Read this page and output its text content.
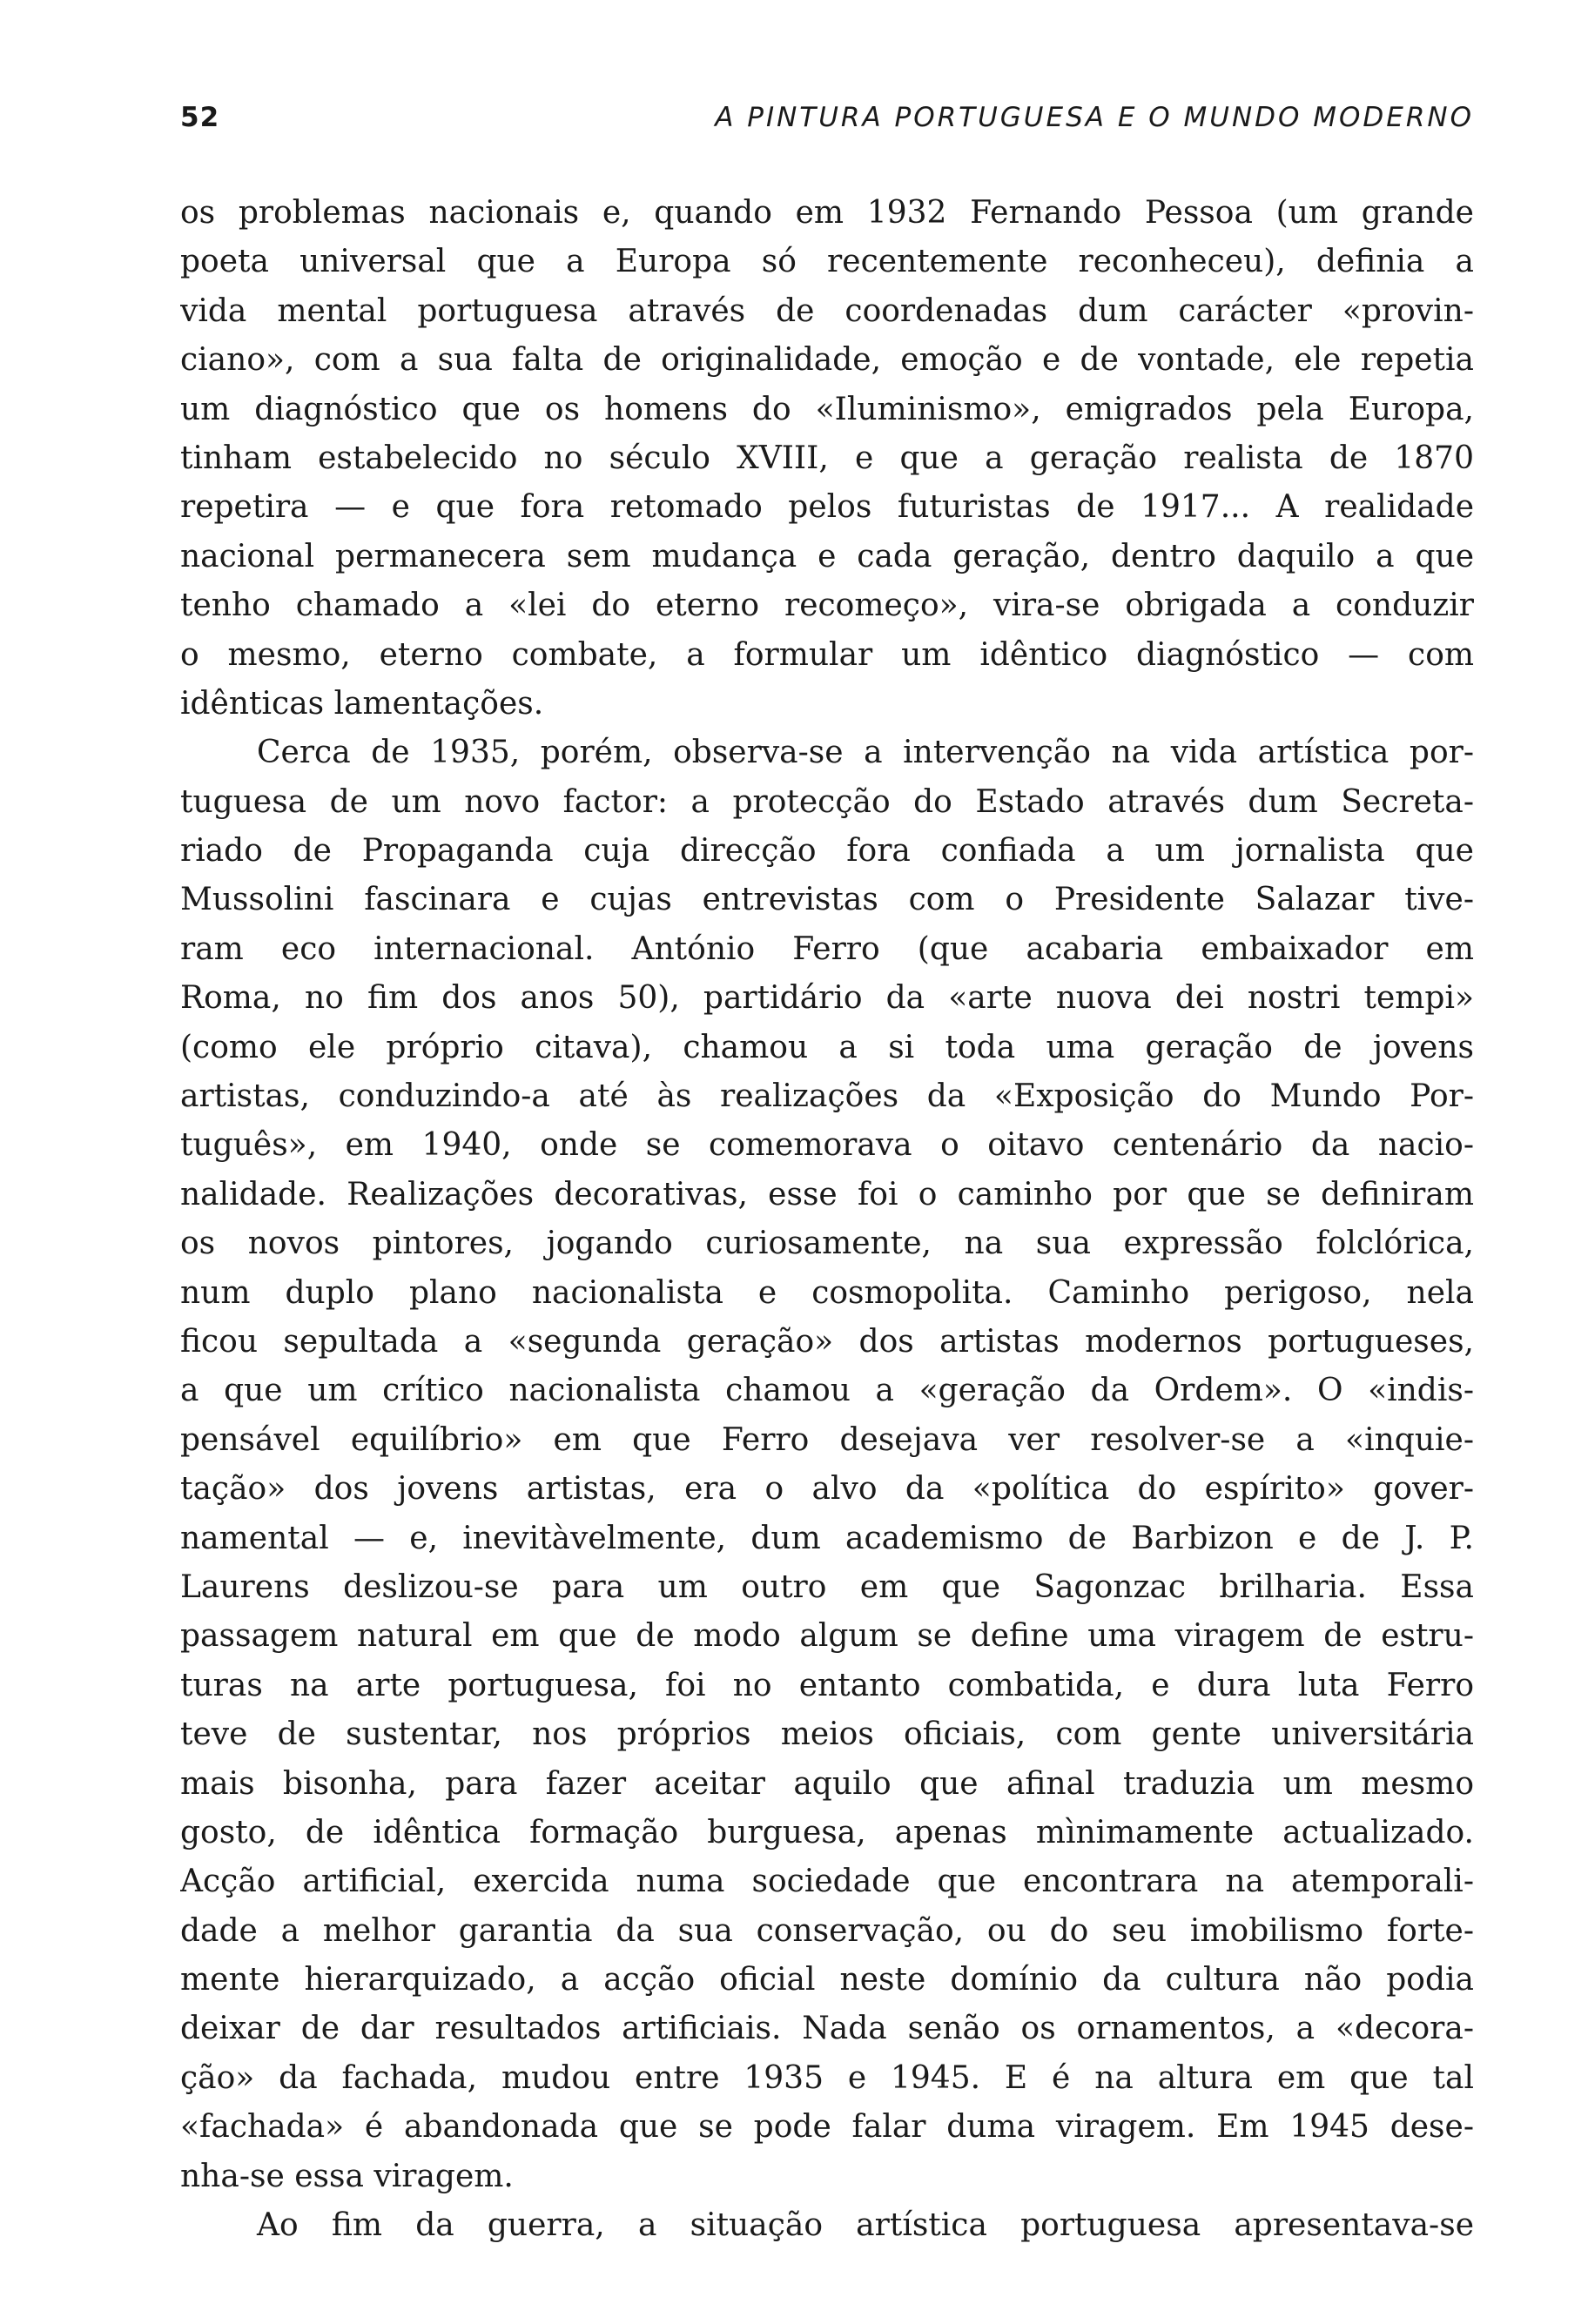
52	A PINTURA PORTUGUESA E O MUNDO MODERNO
os problemas nacionais e, quando em 1932 Fernando Pessoa (um grande
poeta universal que a Europa só recentemente reconheceu), definia a
vida mental portuguesa através de coordenadas dum carácter «provin-
ciano», com a sua falta de originalidade, emoção e de vontade, ele repetia
um diagnóstico que os homens do «Iluminismo», emigrados pela Europa,
tinham estabelecido no século XVIII, e que a geração realista de 1870
repetira — e que fora retomado pelos futuristas de 1917... A realidade
nacional permanecera sem mudança e cada geração, dentro daquilo a que
tenho chamado a «lei do eterno recomeço», vira-se obrigada a conduzir
o mesmo, eterno combate, a formular um idêntico diagnóstico — com
idênticas lamentações.
Cerca de 1935, porém, observa-se a intervenção na vida artística por-
tuguesa de um novo factor: a protecção do Estado através dum Secreta-
riado de Propaganda cuja direcção fora confiada a um jornalista que
Mussolini fascinara e cujas entrevistas com o Presidente Salazar tive-
ram eco internacional. António Ferro (que acabaria embaixador em
Roma, no fim dos anos 50), partidário da «arte nuova dei nostri tempi»
(como ele próprio citava), chamou a si toda uma geração de jovens
artistas, conduzindo-a até às realizações da «Exposição do Mundo Por-
tuguês», em 1940, onde se comemorava o oitavo centenário da nacio-
nalidade. Realizações decorativas, esse foi o caminho por que se definiram
os novos pintores, jogando curiosamente, na sua expressão folclórica,
num duplo plano nacionalista e cosmopolita. Caminho perigoso, nela
ficou sepultada a «segunda geração» dos artistas modernos portugueses,
a que um crítico nacionalista chamou a «geração da Ordem». O «indis-
pensável equilíbrio» em que Ferro desejava ver resolver-se a «inquie-
tação» dos jovens artistas, era o alvo da «política do espírito» gover-
namental — e, inevitàvelmente, dum academismo de Barbizon e de J. P.
Laurens deslizou-se para um outro em que Sagonzac brilharia. Essa
passagem natural em que de modo algum se define uma viragem de estru-
turas na arte portuguesa, foi no entanto combatida, e dura luta Ferro
teve de sustentar, nos próprios meios oficiais, com gente universitária
mais bisonha, para fazer aceitar aquilo que afinal traduzia um mesmo
gosto, de idêntica formação burguesa, apenas mìnimamente actualizado.
Acção artificial, exercida numa sociedade que encontrara na atemporali-
dade a melhor garantia da sua conservação, ou do seu imobilismo forte-
mente hierarquizado, a acção oficial neste domínio da cultura não podia
deixar de dar resultados artificiais. Nada senão os ornamentos, a «decora-
ção» da fachada, mudou entre 1935 e 1945. E é na altura em que tal
«fachada» é abandonada que se pode falar duma viragem. Em 1945 dese-
nha-se essa viragem.
Ao fim da guerra, a situação artística portuguesa apresentava-se
